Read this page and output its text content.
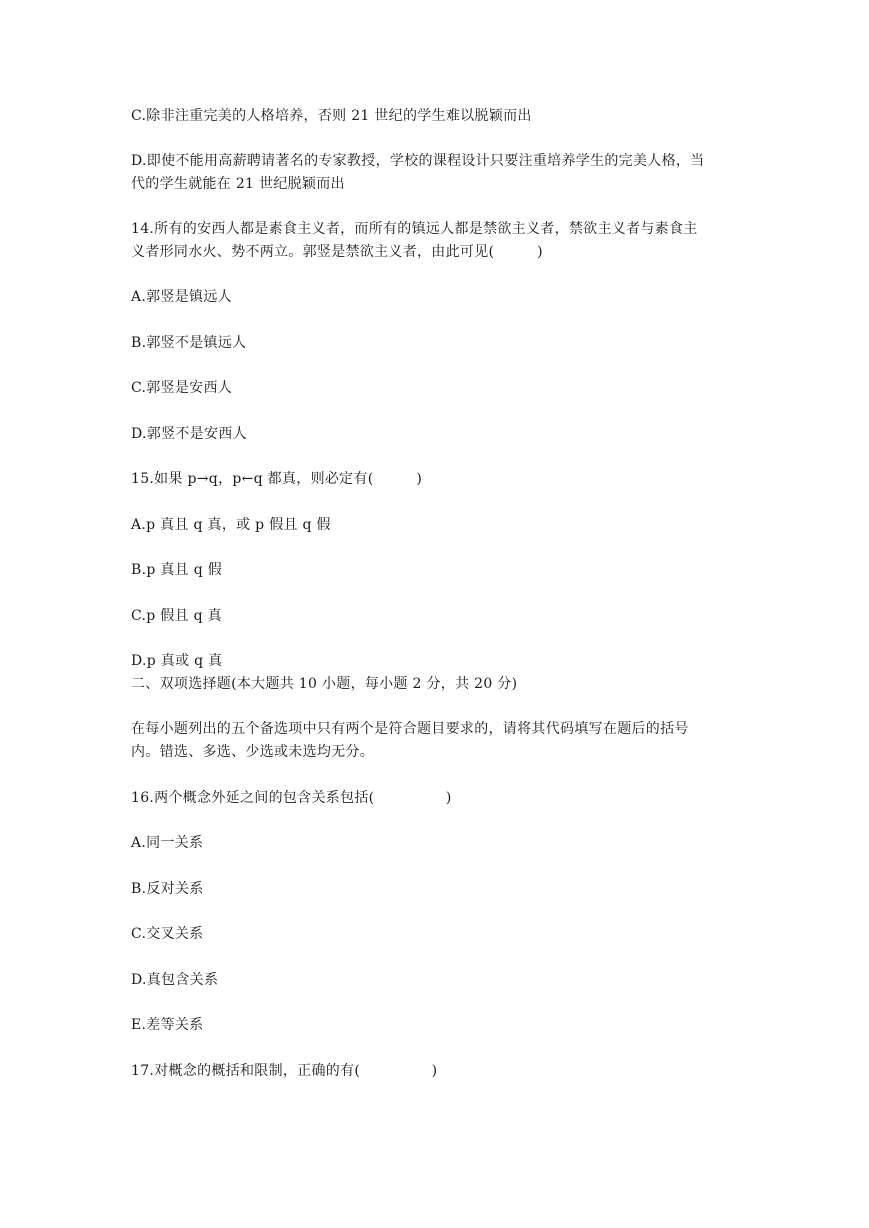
C.除非注重完美的人格培养，否则 21 世纪的学生难以脱颖而出
D.即使不能用高薪聘请著名的专家教授，学校的课程设计只要注重培养学生的完美人格，当
代的学生就能在 21 世纪脱颖而出
14.所有的安西人都是素食主义者，而所有的镇远人都是禁欲主义者，禁欲主义者与素食主
义者形同水火、势不两立。郭竖是禁欲主义者，由此可见(　　　)
A.郭竖是镇远人
B.郭竖不是镇远人
C.郭竖是安西人
D.郭竖不是安西人
15.如果 p→q，p←q 都真，则必定有(　　　)
A.p 真且 q 真，或 p 假且 q 假
B.p 真且 q 假
C.p 假且 q 真
D.p 真或 q 真
二、双项选择题(本大题共 10 小题，每小题 2 分，共 20 分)
在每小题列出的五个备选项中只有两个是符合题目要求的，请将其代码填写在题后的括号
内。错选、多选、少选或未选均无分。
16.两个概念外延之间的包含关系包括(　　　　　)
A.同一关系
B.反对关系
C.交叉关系
D.真包含关系
E.差等关系
17.对概念的概括和限制，正确的有(　　　　　)
